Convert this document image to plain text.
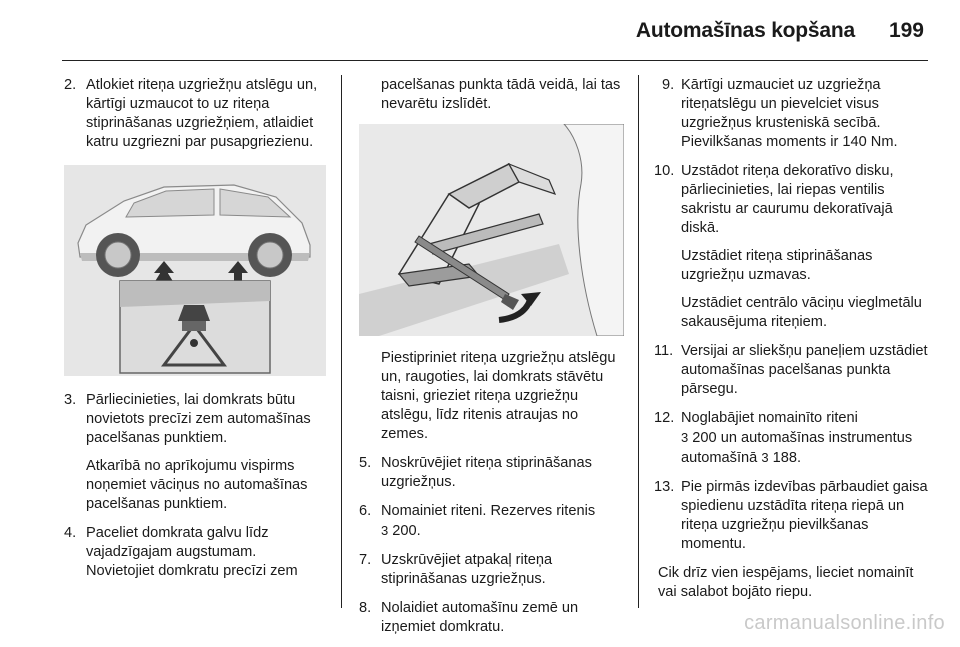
Automašīnas kopšana	199
2. Atlokiet riteņa uzgriežņu atslēgu un, kārtīgi uzmaucot to uz riteņa stiprināšanas uzgriežņiem, atlaidiet katru uzgriezni par pusapgriezienu.
3. Pārliecinieties, lai domkrats būtu novietots precīzi zem automašīnas pacelšanas punktiem.
Atkarībā no aprīkojumu vispirms noņemiet vāciņus no automašīnas pacelšanas punktiem.
4. Paceliet domkrata galvu līdz vajadzīgajam augstumam. Novietojiet domkratu precīzi zem
pacelšanas punkta tādā veidā, lai tas nevarētu izslīdēt.
Piestipriniet riteņa uzgriežņu atslēgu un, raugoties, lai domkrats stāvētu taisni, grieziet riteņa uzgriežņu atslēgu, līdz ritenis atraujas no zemes.
5. Noskrūvējiet riteņa stiprināšanas uzgriežņus.
6. Nomainiet riteni. Rezerves ritenis
3 200.
7. Uzskrūvējiet atpakaļ riteņa stiprināšanas uzgriežņus.
8. Nolaidiet automašīnu zemē un izņemiet domkratu.
9. Kārtīgi uzmauciet uz uzgriežņa riteņatslēgu un pievelciet visus uzgriežņus krusteniskā secībā. Pievilkšanas moments ir 140 Nm.
10. Uzstādot riteņa dekoratīvo disku, pārliecinieties, lai riepas ventilis sakristu ar caurumu dekoratīvajā diskā.
Uzstādiet riteņa stiprināšanas uzgriežņu uzmavas.
Uzstādiet centrālo vāciņu vieglmetālu sakausējuma riteņiem.
11. Versijai ar sliekšņu paneļiem uzstādiet automašīnas pacelšanas punkta pārsegu.
12. Noglabājiet nomainīto riteni
3 200 un automašīnas instrumentus automašīnā 3 188.
13. Pie pirmās izdevības pārbaudiet gaisa spiedienu uzstādīta riteņa riepā un riteņa uzgriežņu pievilkšanas momentu.
Cik drīz vien iespējams, lieciet nomainīt vai salabot bojāto riepu.
carmanualsonline.info
